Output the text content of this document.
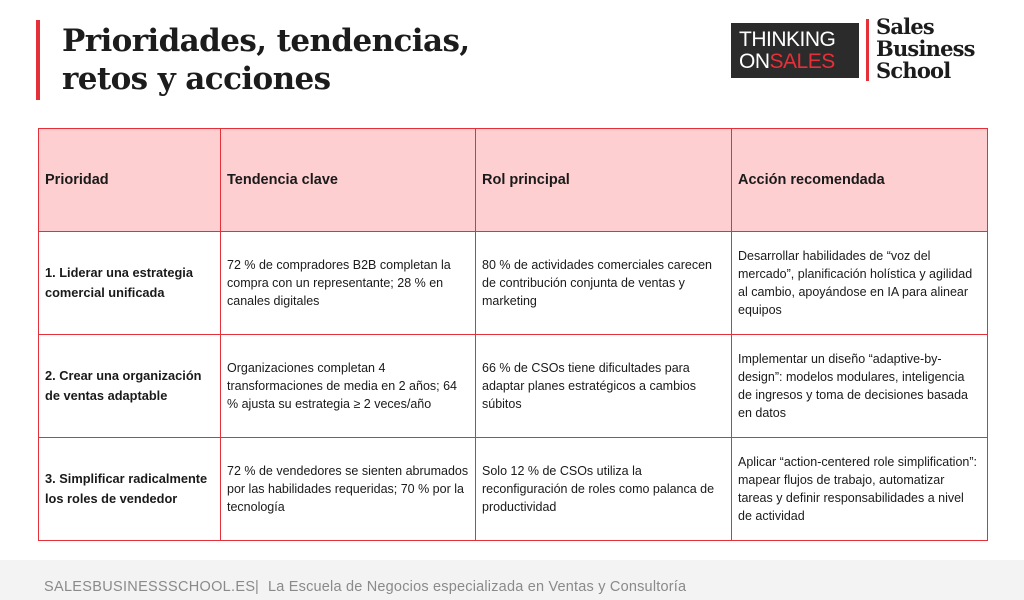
Prioridades, tendencias,
retos y acciones
THINKING
ONSALES
Sales
Business
School
Prioridad	Tendencia clave	Rol principal	Acción recomendada
1. Liderar una estrategia comercial unificada	72 % de compradores B2B completan la compra con un representante; 28 % en canales digitales	80 % de actividades comerciales carecen de contribución conjunta de ventas y marketing	Desarrollar habilidades de “voz del mercado”, planificación holística y agilidad al cambio, apoyándose en IA para alinear equipos
2. Crear una organización de ventas adaptable	Organizaciones completan 4 transformaciones de media en 2 años; 64 % ajusta su estrategia ≥ 2 veces/año	66 % de CSOs tiene dificultades para adaptar planes estratégicos a cambios súbitos	Implementar un diseño “adaptive-by-design”: modelos modulares, inteligencia de ingresos y toma de decisiones basada en datos
3. Simplificar radicalmente los roles de vendedor	72 % de vendedores se sienten abrumados por las habilidades requeridas; 70 % por la tecnología	Solo 12 % de CSOs utiliza la reconfiguración de roles como palanca de productividad	Aplicar “action-centered role simplification”: mapear flujos de trabajo, automatizar tareas y definir responsabilidades a nivel de actividad
SALESBUSINESSSCHOOL.ES | La Escuela de Negocios especializada en Ventas y Consultoría
